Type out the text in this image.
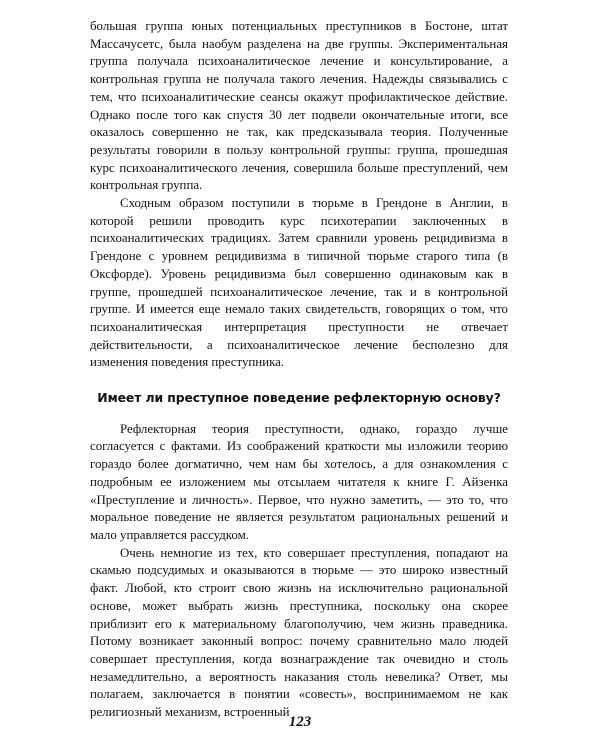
большая группа юных потенциальных преступников в Бостоне, штат Массачусетс, была наобум разделена на две группы. Экспериментальная группа получала психоаналитическое лечение и консультирование, а контрольная группа не получала такого лечения. Надежды связывались с тем, что психоаналитические сеансы окажут профилактическое действие. Однако после того как спустя 30 лет подвели окончательные итоги, все оказалось совершенно не так, как предсказывала теория. Полученные результаты говорили в пользу контрольной группы: группа, прошедшая курс психоаналитического лечения, совершила больше преступлений, чем контрольная группа.

Сходным образом поступили в тюрьме в Грендоне в Англии, в которой решили проводить курс психотерапии заключенных в психоаналитических традициях. Затем сравнили уровень рецидивизма в Грендоне с уровнем рецидивизма в типичной тюрьме старого типа (в Оксфорде). Уровень рецидивизма был совершенно одинаковым как в группе, прошедшей психоаналитическое лечение, так и в контрольной группе. И имеется еще немало таких свидетельств, говорящих о том, что психоаналитическая интерпретация преступности не отвечает действительности, а психоаналитическое лечение бесполезно для изменения поведения преступника.

Имеет ли преступное поведение рефлекторную основу?

Рефлекторная теория преступности, однако, гораздо лучше согласуется с фактами. Из соображений краткости мы изложили теорию гораздо более догматично, чем нам бы хотелось, а для ознакомления с подробным ее изложением мы отсылаем читателя к книге Г. Айзенка «Преступление и личность». Первое, что нужно заметить, — это то, что моральное поведение не является результатом рациональных решений и мало управляется рассудком.

Очень немногие из тех, кто совершает преступления, попадают на скамью подсудимых и оказываются в тюрьме — это широко известный факт. Любой, кто строит свою жизнь на исключительно рациональной основе, может выбрать жизнь преступника, поскольку она скорее приблизит его к материальному благополучию, чем жизнь праведника. Потому возникает законный вопрос: почему сравнительно мало людей совершает преступления, когда вознаграждение так очевидно и столь незамедлительно, а вероятность наказания столь невелика? Ответ, мы полагаем, заключается в понятии «совесть», воспринимаемом не как религиозный механизм, встроенный

123
